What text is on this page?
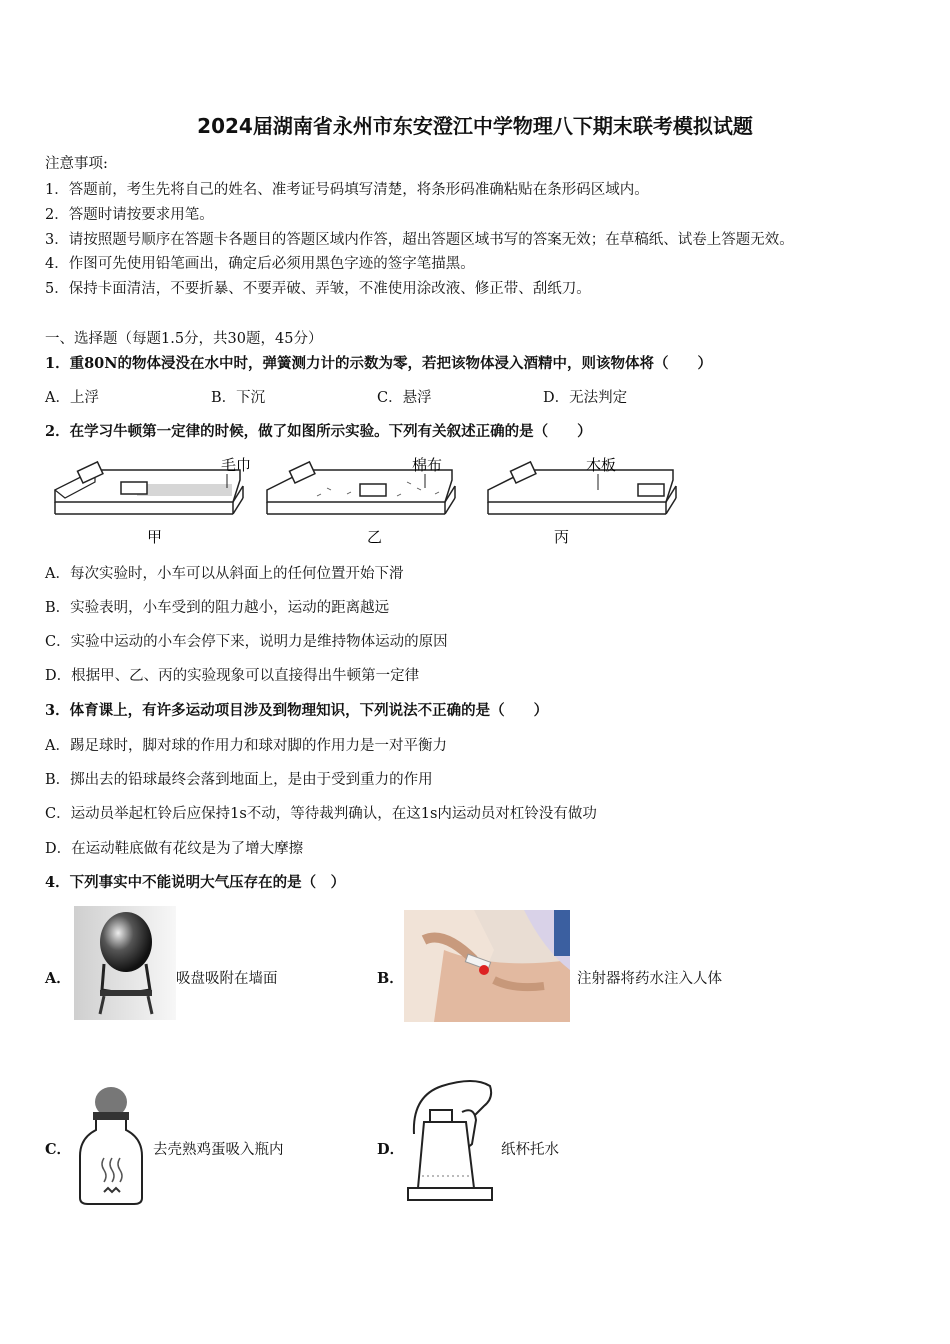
2024届湖南省永州市东安澄江中学物理八下期末联考模拟试题
注意事项:
1．答题前，考生先将自己的姓名、准考证号码填写清楚，将条形码准确粘贴在条形码区域内。
2．答题时请按要求用笔。
3．请按照题号顺序在答题卡各题目的答题区域内作答，超出答题区域书写的答案无效；在草稿纸、试卷上答题无效。
4．作图可先使用铅笔画出，确定后必须用黑色字迹的签字笔描黑。
5．保持卡面清洁，不要折暴、不要弄破、弄皱，不准使用涂改液、修正带、刮纸刀。
一、选择题（每题1.5分，共30题，45分）
1．重80N的物体浸没在水中时，弹簧测力计的示数为零，若把该物体浸入酒精中，则该物体将（　　）
A．上浮	B．下沉	C．悬浮	D．无法判定
2．在学习牛顿第一定律的时候，做了如图所示实验。下列有关叙述正确的是（　　）
毛巾
甲
棉布
乙
木板
丙
A．每次实验时，小车可以从斜面上的任何位置开始下滑
B．实验表明，小车受到的阻力越小，运动的距离越远
C．实验中运动的小车会停下来，说明力是维持物体运动的原因
D．根据甲、乙、丙的实验现象可以直接得出牛顿第一定律
3．体育课上，有许多运动项目涉及到物理知识，下列说法不正确的是（　　）
A．踢足球时，脚对球的作用力和球对脚的作用力是一对平衡力
B．掷出去的铅球最终会落到地面上，是由于受到重力的作用
C．运动员举起杠铃后应保持1s不动，等待裁判确认，在这1s内运动员对杠铃没有做功
D．在运动鞋底做有花纹是为了增大摩擦
4．下列事实中不能说明大气压存在的是（　）
A．	吸盘吸附在墙面	B．	注射器将药水注入人体
C．	去壳熟鸡蛋吸入瓶内	D．	纸杯托水
